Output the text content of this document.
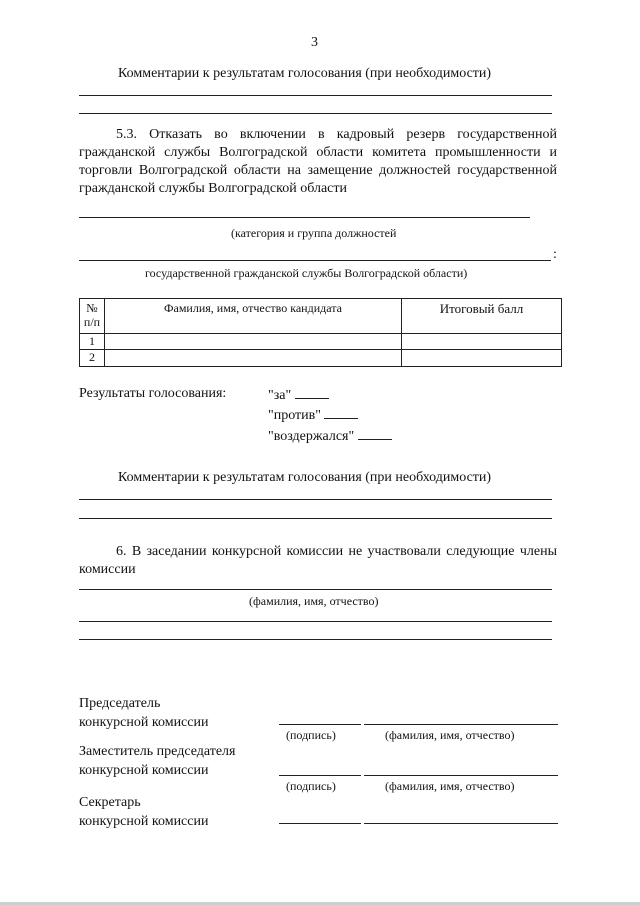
3
Комментарии к результатам голосования (при необходимости)
5.3. Отказать во включении в кадровый резерв государственной гражданской службы Волгоградской области комитета промышленности и торговли Волгоградской области на замещение должностей государственной гражданской службы Волгоградской области
(категория и группа должностей
:
государственной гражданской службы Волгоградской области)
№ п/п	Фамилия, имя, отчество кандидата	Итоговый балл
1		
2		
Результаты голосования:	"за"
"против"
"воздержался"
Комментарии к результатам голосования (при необходимости)
6. В заседании конкурсной комиссии не участвовали следующие члены комиссии
(фамилия, имя, отчество)
Председатель
конкурсной комиссии
(подпись)	(фамилия, имя, отчество)
Заместитель председателя
конкурсной комиссии
(подпись)	(фамилия, имя, отчество)
Секретарь
конкурсной комиссии
